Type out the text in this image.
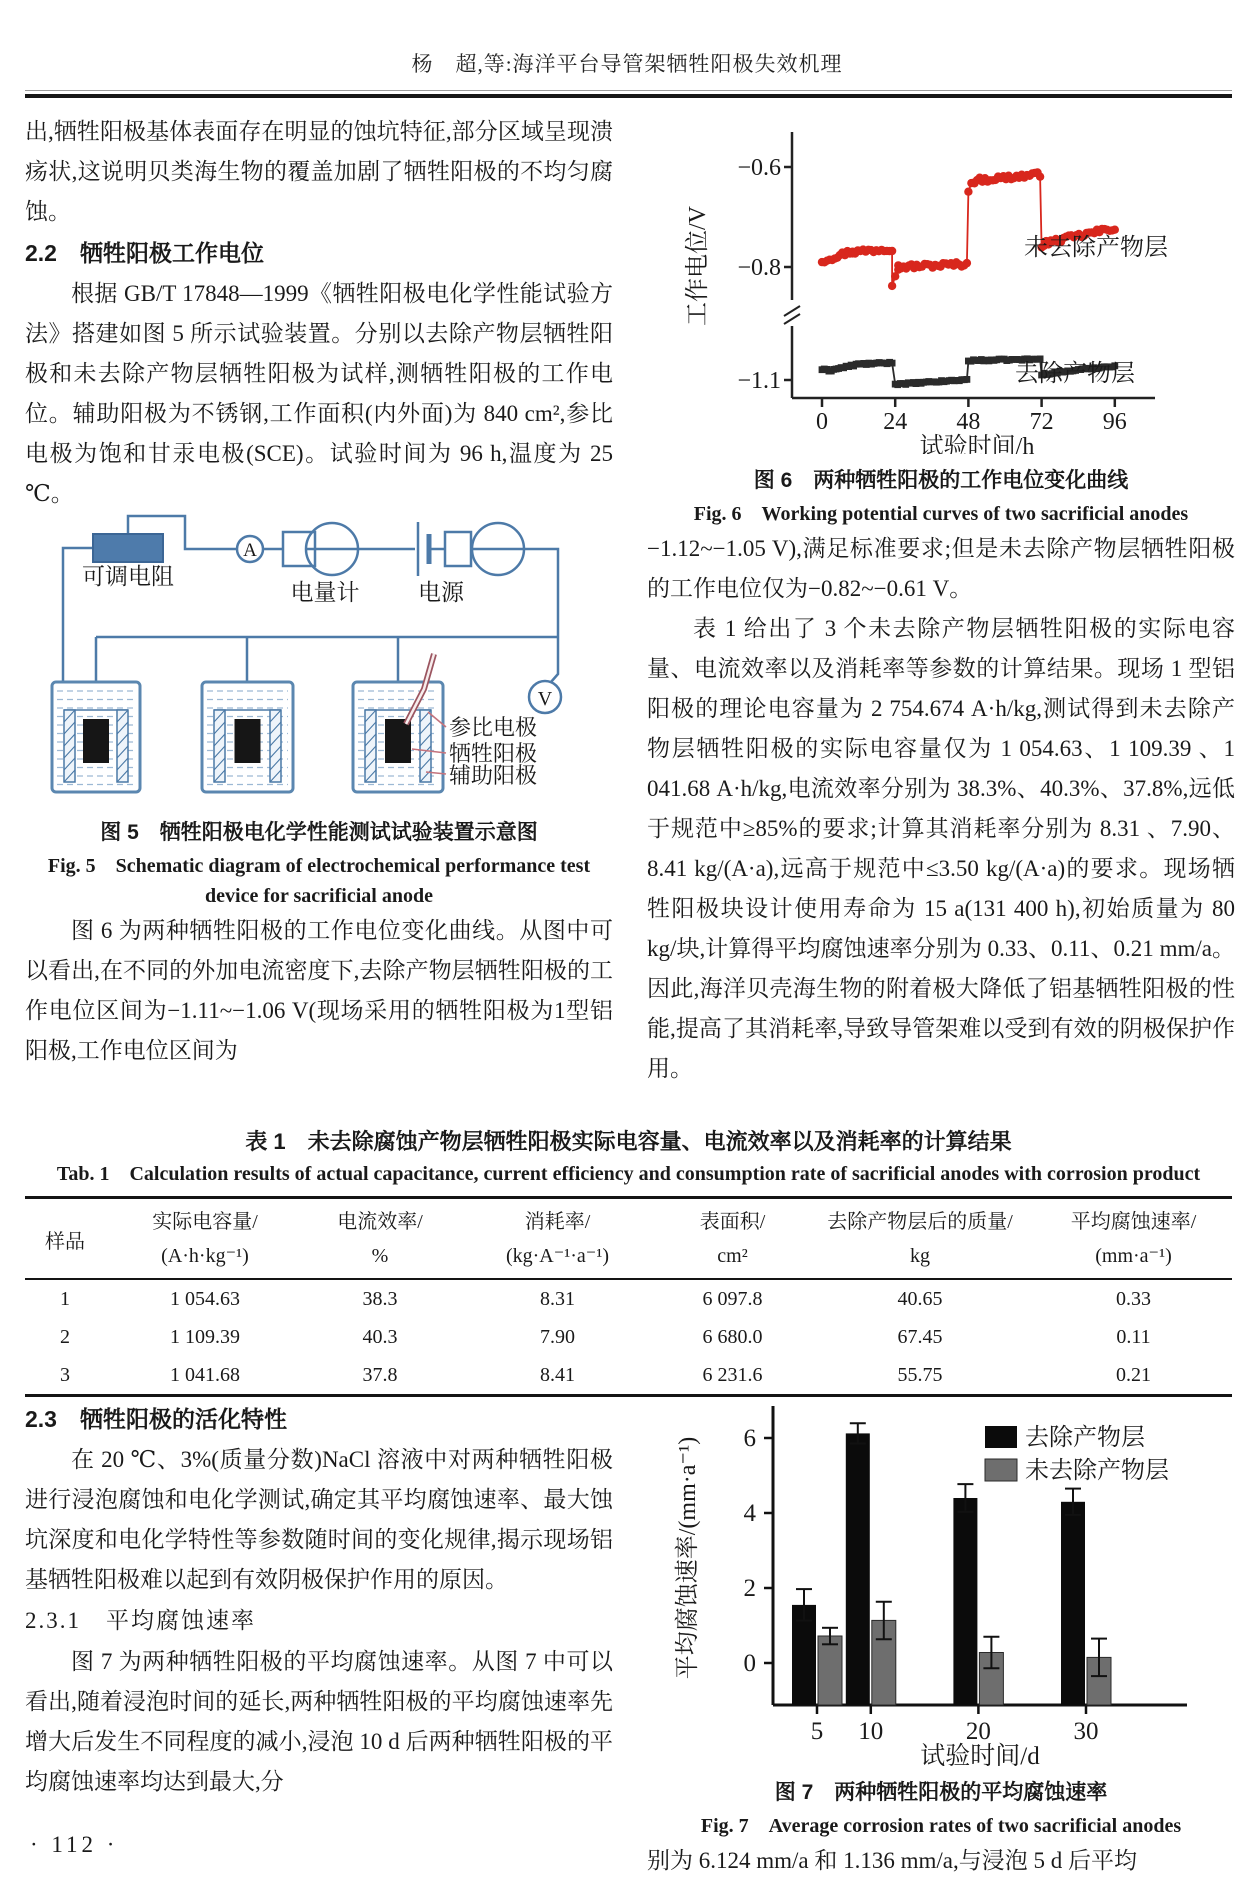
杨　超,等:海洋平台导管架牺牲阳极失效机理

出,牺牲阳极基体表面存在明显的蚀坑特征,部分区域呈现溃疡状,这说明贝类海生物的覆盖加剧了牺牲阳极的不均匀腐蚀。

2.2　牺牲阳极工作电位

根据 GB/T 17848—1999《牺牲阳极电化学性能试验方法》搭建如图 5 所示试验装置。分别以去除产物层牺牲阳极和未去除产物层牺牲阳极为试样,测牺牲阳极的工作电位。辅助阳极为不锈钢,工作面积(内外面)为 840 cm²,参比电极为饱和甘汞电极(SCE)。试验时间为 96 h,温度为 25 ℃。

可调电阻
A
电量计	电源
V
参比电极
牺牲阳极
辅助阳极
图 5　牺牲阳极电化学性能测试试验装置示意图
Fig. 5　Schematic diagram of electrochemical performance test device for sacrificial anode

图 6 为两种牺牲阳极的工作电位变化曲线。从图中可以看出,在不同的外加电流密度下,去除产物层牺牲阳极的工作电位区间为−1.11~−1.06 V(现场采用的牺牲阳极为1型铝阳极,工作电位区间为

0 24 48 72 96
试验时间/h
−0.6
−0.8
−1.1
工作电位/V	未去除产物层
去除产物层
图 6　两种牺牲阳极的工作电位变化曲线
Fig. 6　Working potential curves of two sacrificial anodes

−1.12~−1.05 V),满足标准要求;但是未去除产物层牺牲阳极的工作电位仅为−0.82~−0.61 V。

表 1 给出了 3 个未去除产物层牺牲阳极的实际电容量、电流效率以及消耗率等参数的计算结果。现场 1 型铝阳极的理论电容量为 2 754.674 A·h/kg,测试得到未去除产物层牺牲阳极的实际电容量仅为 1 054.63、1 109.39 、1 041.68 A·h/kg,电流效率分别为 38.3%、40.3%、37.8%,远低于规范中≥85%的要求;计算其消耗率分别为 8.31 、7.90、8.41 kg/(A·a),远高于规范中≤3.50 kg/(A·a)的要求。现场牺牲阳极块设计使用寿命为 15 a(131 400 h),初始质量为 80 kg/块,计算得平均腐蚀速率分别为 0.33、0.11、0.21 mm/a。因此,海洋贝壳海生物的附着极大降低了铝基牺牲阳极的性能,提高了其消耗率,导致导管架难以受到有效的阴极保护作用。

表 1　未去除腐蚀产物层牺牲阳极实际电容量、电流效率以及消耗率的计算结果
Tab. 1　Calculation results of actual capacitance, current efficiency and consumption rate of sacrificial anodes with corrosion product
样品	实际电容量/	电流效率/	消耗率/	表面积/	去除产物层后的质量/	平均腐蚀速率/
	(A·h·kg⁻¹)	%	(kg·A⁻¹·a⁻¹)	cm²	kg	(mm·a⁻¹)
1	1 054.63	38.3	8.31	6 097.8	40.65	0.33
2	1 109.39	40.3	7.90	6 680.0	67.45	0.11
3	1 041.68	37.8	8.41	6 231.6	55.75	0.21
2.3　牺牲阳极的活化特性

在 20 ℃、3%(质量分数)NaCl 溶液中对两种牺牲阳极进行浸泡腐蚀和电化学测试,确定其平均腐蚀速率、最大蚀坑深度和电化学特性等参数随时间的变化规律,揭示现场铝基牺牲阳极难以起到有效阴极保护作用的原因。

2.3.1　平均腐蚀速率

图 7 为两种牺牲阳极的平均腐蚀速率。从图 7 中可以看出,随着浸泡时间的延长,两种牺牲阳极的平均腐蚀速率先增大后发生不同程度的减小,浸泡 10 d 后两种牺牲阳极的平均腐蚀速率均达到最大,分

0
2
4
6
5 10	20	30
试验时间/d
平均腐蚀速率/(mm·a⁻¹)	去除产物层
未去除产物层
图 7　两种牺牲阳极的平均腐蚀速率
Fig. 7　Average corrosion rates of two sacrificial anodes

别为 6.124 mm/a 和 1.136 mm/a,与浸泡 5 d 后平均

· 112 ·
